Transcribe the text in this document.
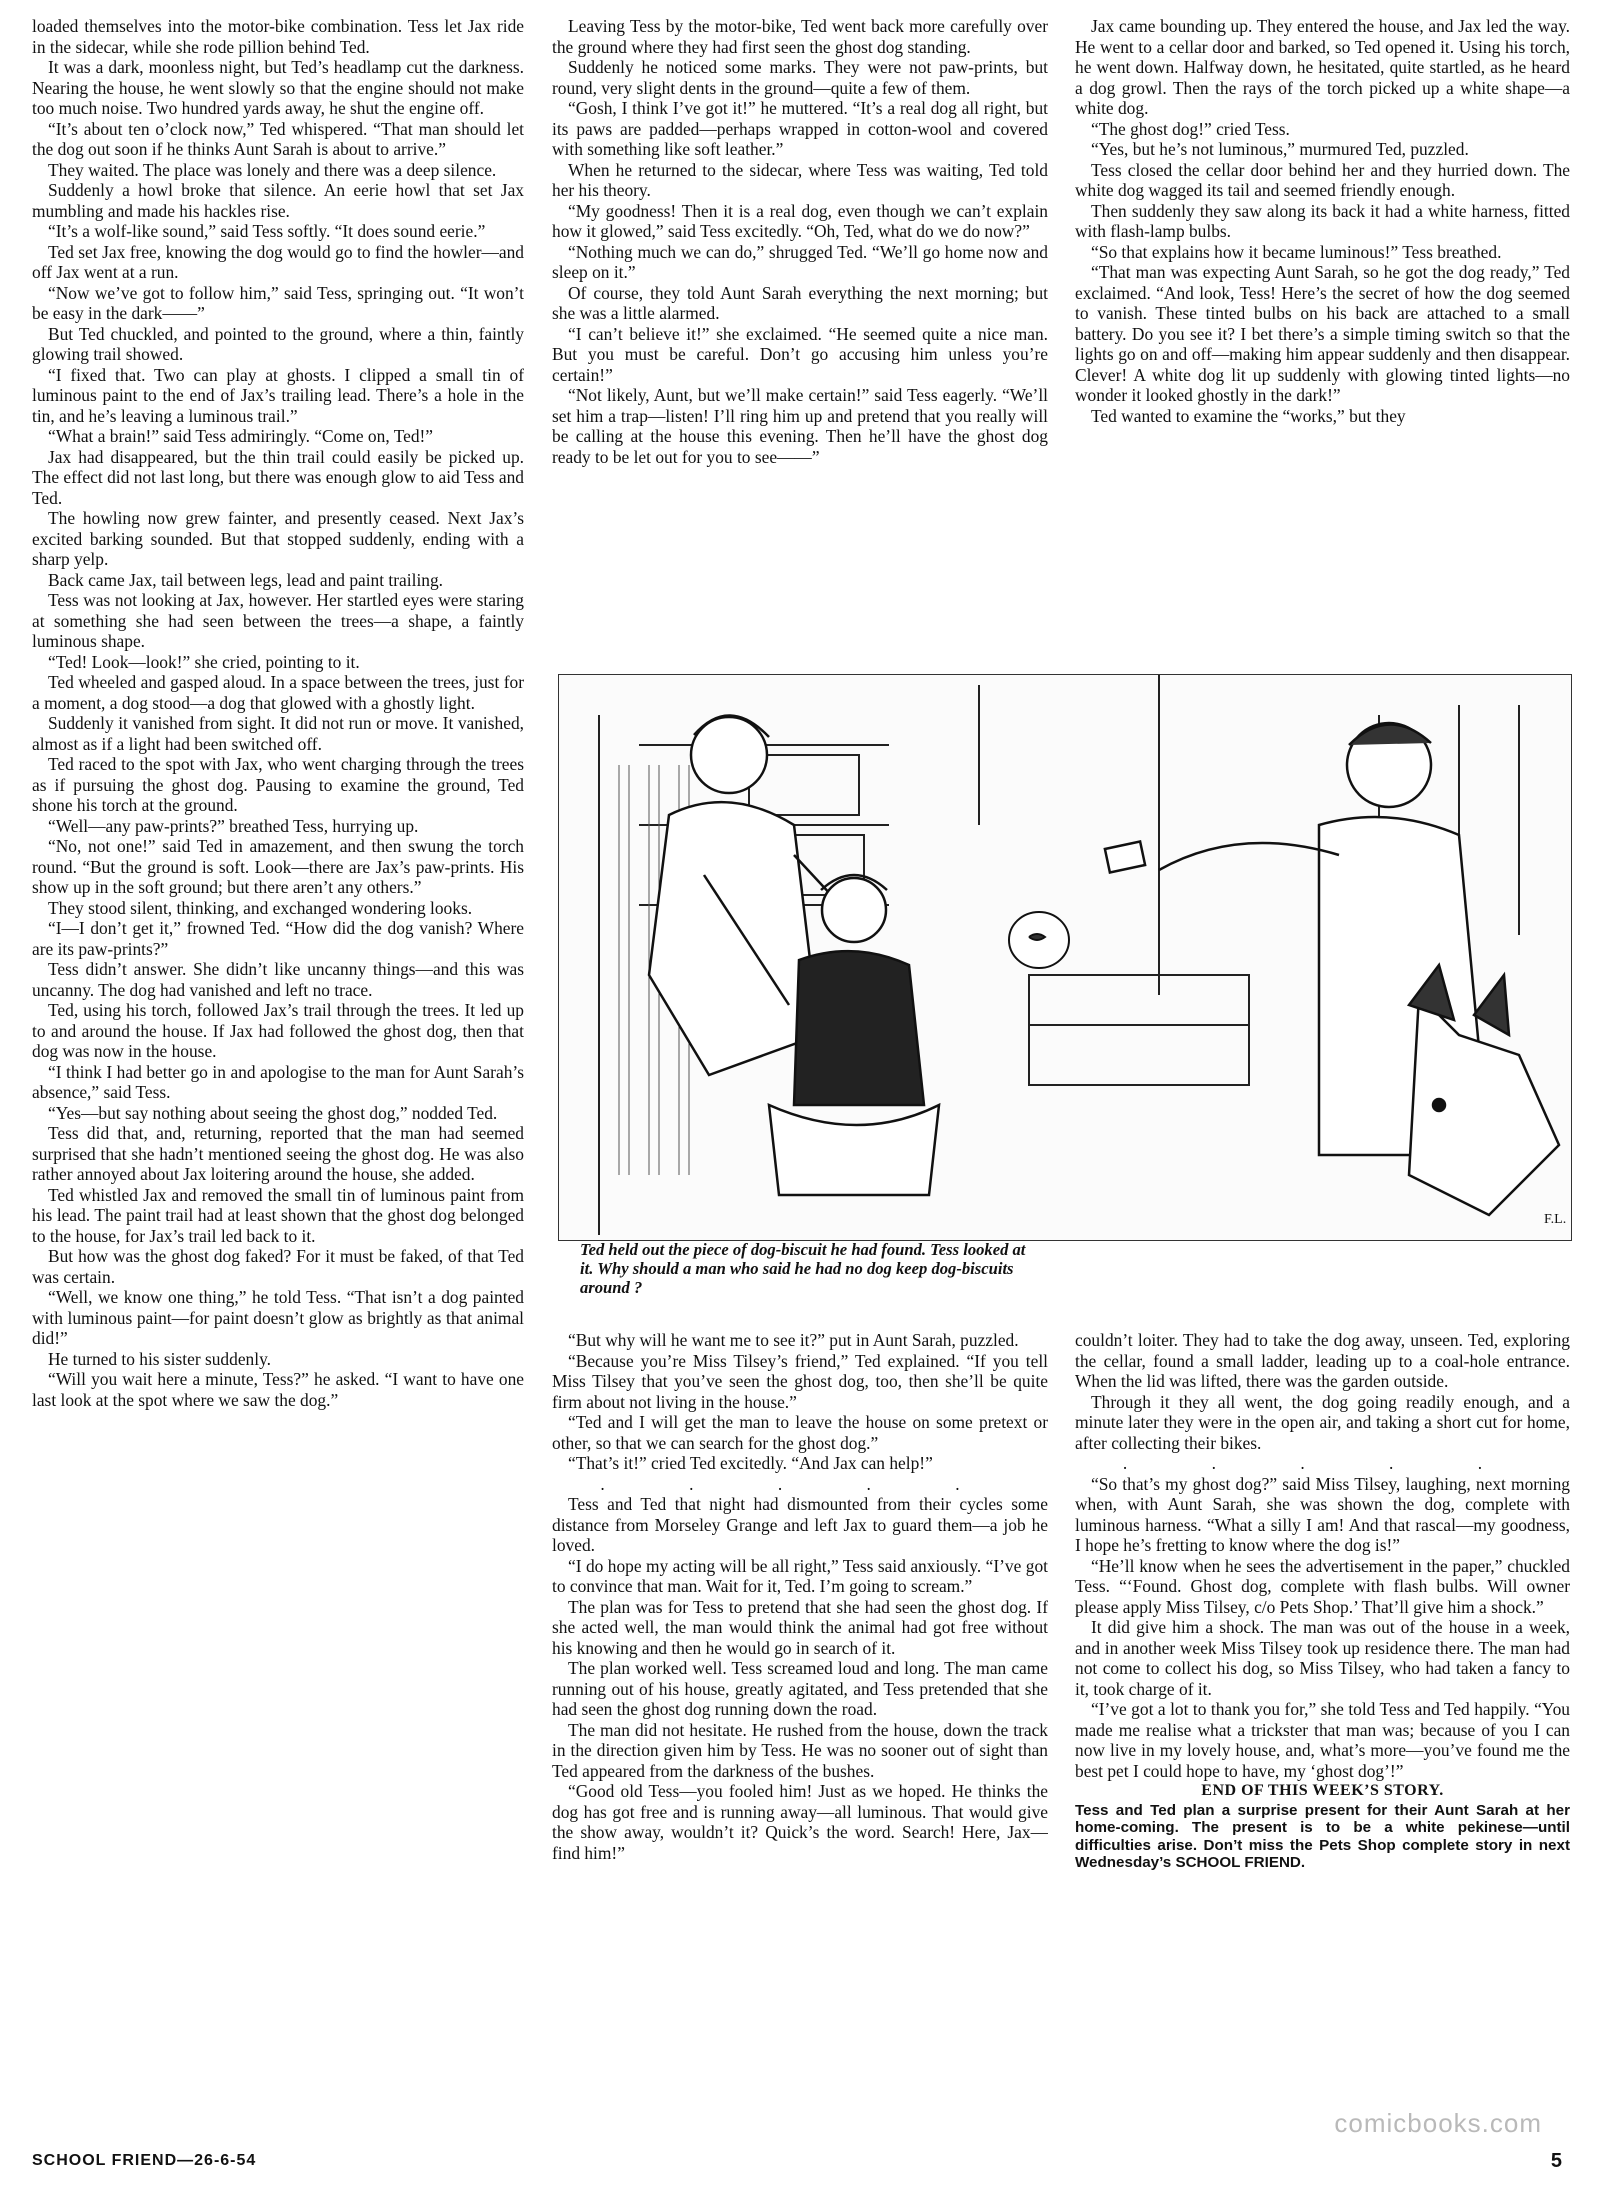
loaded themselves into the motor-bike combination. Tess let Jax ride in the sidecar, while she rode pillion behind Ted.

It was a dark, moonless night, but Ted’s headlamp cut the darkness. Nearing the house, he went slowly so that the engine should not make too much noise. Two hundred yards away, he shut the engine off.

“It’s about ten o’clock now,” Ted whispered. “That man should let the dog out soon if he thinks Aunt Sarah is about to arrive.”

They waited. The place was lonely and there was a deep silence.

Suddenly a howl broke that silence. An eerie howl that set Jax mumbling and made his hackles rise.

“It’s a wolf-like sound,” said Tess softly. “It does sound eerie.”

Ted set Jax free, knowing the dog would go to find the howler—and off Jax went at a run.

“Now we’ve got to follow him,” said Tess, springing out. “It won’t be easy in the dark——”

But Ted chuckled, and pointed to the ground, where a thin, faintly glowing trail showed.

“I fixed that. Two can play at ghosts. I clipped a small tin of luminous paint to the end of Jax’s trailing lead. There’s a hole in the tin, and he’s leaving a luminous trail.”

“What a brain!” said Tess admiringly. “Come on, Ted!”

Jax had disappeared, but the thin trail could easily be picked up. The effect did not last long, but there was enough glow to aid Tess and Ted.

The howling now grew fainter, and presently ceased. Next Jax’s excited barking sounded. But that stopped suddenly, ending with a sharp yelp.

Back came Jax, tail between legs, lead and paint trailing.

Tess was not looking at Jax, however. Her startled eyes were staring at something she had seen between the trees—a shape, a faintly luminous shape.

“Ted! Look—look!” she cried, pointing to it.

Ted wheeled and gasped aloud. In a space between the trees, just for a moment, a dog stood—a dog that glowed with a ghostly light.

Suddenly it vanished from sight. It did not run or move. It vanished, almost as if a light had been switched off.

Ted raced to the spot with Jax, who went charging through the trees as if pursuing the ghost dog. Pausing to examine the ground, Ted shone his torch at the ground.

“Well—any paw-prints?” breathed Tess, hurrying up.

“No, not one!” said Ted in amazement, and then swung the torch round. “But the ground is soft. Look—there are Jax’s paw-prints. His show up in the soft ground; but there aren’t any others.”

They stood silent, thinking, and exchanged wondering looks.

“I—I don’t get it,” frowned Ted. “How did the dog vanish? Where are its paw-prints?”

Tess didn’t answer. She didn’t like uncanny things—and this was uncanny. The dog had vanished and left no trace.

Ted, using his torch, followed Jax’s trail through the trees. It led up to and around the house. If Jax had followed the ghost dog, then that dog was now in the house.

“I think I had better go in and apologise to the man for Aunt Sarah’s absence,” said Tess.

“Yes—but say nothing about seeing the ghost dog,” nodded Ted.

Tess did that, and, returning, reported that the man had seemed surprised that she hadn’t mentioned seeing the ghost dog. He was also rather annoyed about Jax loitering around the house, she added.

Ted whistled Jax and removed the small tin of luminous paint from his lead. The paint trail had at least shown that the ghost dog belonged to the house, for Jax’s trail led back to it.

But how was the ghost dog faked? For it must be faked, of that Ted was certain.

“Well, we know one thing,” he told Tess. “That isn’t a dog painted with luminous paint—for paint doesn’t glow as brightly as that animal did!”

He turned to his sister suddenly.

“Will you wait here a minute, Tess?” he asked. “I want to have one last look at the spot where we saw the dog.”

Leaving Tess by the motor-bike, Ted went back more carefully over the ground where they had first seen the ghost dog standing.

Suddenly he noticed some marks. They were not paw-prints, but round, very slight dents in the ground—quite a few of them.

“Gosh, I think I’ve got it!” he muttered. “It’s a real dog all right, but its paws are padded—perhaps wrapped in cotton-wool and covered with something like soft leather.”

When he returned to the sidecar, where Tess was waiting, Ted told her his theory.

“My goodness! Then it is a real dog, even though we can’t explain how it glowed,” said Tess excitedly. “Oh, Ted, what do we do now?”

“Nothing much we can do,” shrugged Ted. “We’ll go home now and sleep on it.”

Of course, they told Aunt Sarah everything the next morning; but she was a little alarmed.

“I can’t believe it!” she exclaimed. “He seemed quite a nice man. But you must be careful. Don’t go accusing him unless you’re certain!”

“Not likely, Aunt, but we’ll make certain!” said Tess eagerly. “We’ll set him a trap—listen! I’ll ring him up and pretend that you really will be calling at the house this evening. Then he’ll have the ghost dog ready to be let out for you to see——”

Jax came bounding up. They entered the house, and Jax led the way. He went to a cellar door and barked, so Ted opened it. Using his torch, he went down. Halfway down, he hesitated, quite startled, as he heard a dog growl. Then the rays of the torch picked up a white shape—a white dog.

“The ghost dog!” cried Tess.

“Yes, but he’s not luminous,” murmured Ted, puzzled.

Tess closed the cellar door behind her and they hurried down. The white dog wagged its tail and seemed friendly enough.

Then suddenly they saw along its back it had a white harness, fitted with flash-lamp bulbs.

“So that explains how it became luminous!” Tess breathed.

“That man was expecting Aunt Sarah, so he got the dog ready,” Ted exclaimed. “And look, Tess! Here’s the secret of how the dog seemed to vanish. These tinted bulbs on his back are attached to a small battery. Do you see it? I bet there’s a simple timing switch so that the lights go on and off—making him appear suddenly and then disappear. Clever! A white dog lit up suddenly with glowing tinted lights—no wonder it looked ghostly in the dark!”

Ted wanted to examine the “works,” but they

F.L.
Ted held out the piece of dog-biscuit he had found. Tess looked at it. Why should a man who said he had no dog keep dog-biscuits around ?

“But why will he want me to see it?” put in Aunt Sarah, puzzled.

“Because you’re Miss Tilsey’s friend,” Ted explained. “If you tell Miss Tilsey that you’ve seen the ghost dog, too, then she’ll be quite firm about not living in the house.”

“Ted and I will get the man to leave the house on some pretext or other, so that we can search for the ghost dog.”

“That’s it!” cried Ted excitedly. “And Jax can help!”

. . . . .

Tess and Ted that night had dismounted from their cycles some distance from Morseley Grange and left Jax to guard them—a job he loved.

“I do hope my acting will be all right,” Tess said anxiously. “I’ve got to convince that man. Wait for it, Ted. I’m going to scream.”

The plan was for Tess to pretend that she had seen the ghost dog. If she acted well, the man would think the animal had got free without his knowing and then he would go in search of it.

The plan worked well. Tess screamed loud and long. The man came running out of his house, greatly agitated, and Tess pretended that she had seen the ghost dog running down the road.

The man did not hesitate. He rushed from the house, down the track in the direction given him by Tess. He was no sooner out of sight than Ted appeared from the darkness of the bushes.

“Good old Tess—you fooled him! Just as we hoped. He thinks the dog has got free and is running away—all luminous. That would give the show away, wouldn’t it? Quick’s the word. Search! Here, Jax—find him!”

couldn’t loiter. They had to take the dog away, unseen. Ted, exploring the cellar, found a small ladder, leading up to a coal-hole entrance. When the lid was lifted, there was the garden outside.

Through it they all went, the dog going readily enough, and a minute later they were in the open air, and taking a short cut for home, after collecting their bikes.

. . . . .

“So that’s my ghost dog?” said Miss Tilsey, laughing, next morning when, with Aunt Sarah, she was shown the dog, complete with luminous harness. “What a silly I am! And that rascal—my goodness, I hope he’s fretting to know where the dog is!”

“He’ll know when he sees the advertisement in the paper,” chuckled Tess. “‘Found. Ghost dog, complete with flash bulbs. Will owner please apply Miss Tilsey, c/o Pets Shop.’ That’ll give him a shock.”

It did give him a shock. The man was out of the house in a week, and in another week Miss Tilsey took up residence there. The man had not come to collect his dog, so Miss Tilsey, who had taken a fancy to it, took charge of it.

“I’ve got a lot to thank you for,” she told Tess and Ted happily. “You made me realise what a trickster that man was; because of you I can now live in my lovely house, and, what’s more—you’ve found me the best pet I could hope to have, my ‘ghost dog’!”

END OF THIS WEEK’S STORY.

Tess and Ted plan a surprise present for their Aunt Sarah at her home-coming. The present is to be a white pekinese—until difficulties arise. Don’t miss the Pets Shop complete story in next Wednesday’s SCHOOL FRIEND.

comicbooks.com
SCHOOL FRIEND—26-6-54	5
